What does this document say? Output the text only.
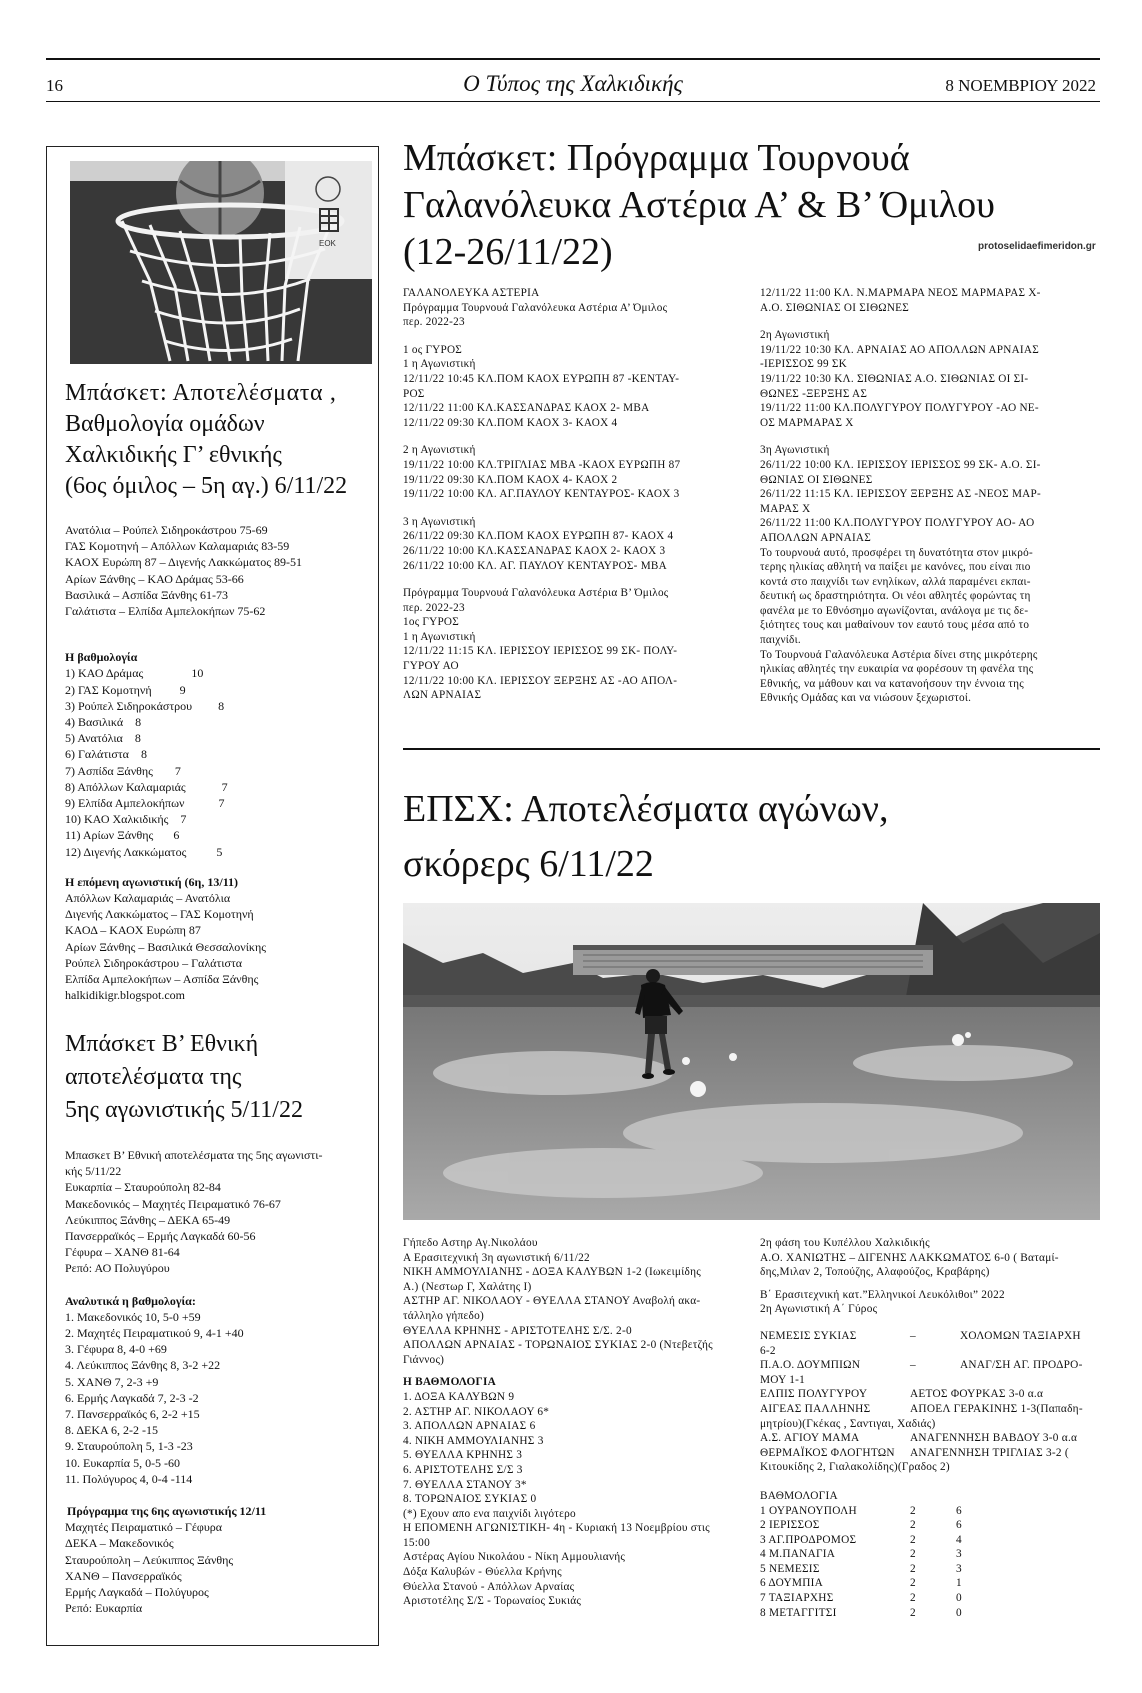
16	Ο Τύπος της Χαλκιδικής	8 ΝΟΕΜΒΡΙΟΥ 2022
ΕΟΚ
Μπάσκετ: Αποτελέσματα ,
Βαθμολογία ομάδων
Χαλκιδικής Γ’ εθνικής
(6ος όμιλος – 5η αγ.) 6/11/22
Ανατόλια – Ρούπελ Σιδηροκάστρου 75-69
ΓΑΣ Κομοτηνή – Απόλλων Καλαμαριάς 83-59
ΚΑΟΧ Ευρώπη 87 – Διγενής Λακκώματος 89-51
Αρίων Ξάνθης – ΚΑΟ Δράμας 53-66
Βασιλικά – Ασπίδα Ξάνθης 61-73
Γαλάτιστα – Ελπίδα Αμπελοκήπων 75-62
Η βαθμολογία
1) ΚΑΟ Δράμας	10
2) ΓΑΣ Κομοτηνή 9
3) Ρούπελ Σιδηροκάστρου 8
4) Βασιλικά 8
5) Ανατόλια 8
6) Γαλάτιστα 8
7) Ασπίδα Ξάνθης 7
8) Απόλλων Καλαμαριάς	7
9) Ελπίδα Αμπελοκήπων	7
10) ΚΑΟ Χαλκιδικής 7
11) Αρίων Ξάνθης 6
12) Διγενής Λακκώματος	5
Η επόμενη αγωνιστική (6η, 13/11)
Απόλλων Καλαμαριάς – Ανατόλια
Διγενής Λακκώματος – ΓΑΣ Κομοτηνή
ΚΑΟΔ – ΚΑΟΧ Ευρώπη 87
Αρίων Ξάνθης – Βασιλικά Θεσσαλονίκης
Ρούπελ Σιδηροκάστρου – Γαλάτιστα
Ελπίδα Αμπελοκήπων – Ασπίδα Ξάνθης
halkidikigr.blogspot.com
Μπάσκετ Β’ Εθνική
αποτελέσματα της
5ης αγωνιστικής 5/11/22
Μπασκετ Β’ Εθνική αποτελέσματα της 5ης αγωνιστι-
κής 5/11/22
Ευκαρπία – Σταυρούπολη 82-84
Μακεδονικός – Μαχητές Πειραματικό 76-67
Λεύκιππος Ξάνθης – ΔΕΚΑ 65-49
Πανσερραϊκός – Ερμής Λαγκαδά 60-56
Γέφυρα – ΧΑΝΘ 81-64
Ρεπό: ΑΟ Πολυγύρου
Αναλυτικά η βαθμολογία:
1. Μακεδονικός 10, 5-0 +59
2. Μαχητές Πειραματικού 9, 4-1 +40
3. Γέφυρα 8, 4-0 +69
4. Λεύκιππος Ξάνθης 8, 3-2 +22
5. ΧΑΝΘ 7, 2-3 +9
6. Ερμής Λαγκαδά 7, 2-3 -2
7. Πανσερραϊκός 6, 2-2 +15
8. ΔΕΚΑ 6, 2-2 -15
9. Σταυρούπολη 5, 1-3 -23
10. Ευκαρπία 5, 0-5 -60
11. Πολύγυρος 4, 0-4 -114
Πρόγραμμα της 6ης αγωνιστικής 12/11
Μαχητές Πειραματικό – Γέφυρα
ΔΕΚΑ – Μακεδονικός
Σταυρούπολη – Λεύκιππος Ξάνθης
ΧΑΝΘ – Πανσερραϊκός
Ερμής Λαγκαδά – Πολύγυρος
Ρεπό: Ευκαρπία
Μπάσκετ: Πρόγραμμα Τουρνουά
Γαλανόλευκα Αστέρια Α’ & Β’ Όμιλου
(12-26/11/22)	protoselidaefimeridon.gr
ΓΑΛΑΝΟΛΕΥΚΑ ΑΣΤΕΡΙΑ
Πρόγραμμα Τουρνουά Γαλανόλευκα Αστέρια Α’ Όμιλος
περ. 2022-23
1 ος ΓΥΡΟΣ
1 η Αγωνιστική
12/11/22 10:45 ΚΛ.ΠΟΜ ΚΑΟΧ ΕΥΡΩΠΗ 87 -ΚΕΝΤΑΥ-
ΡΟΣ
12/11/22 11:00 ΚΛ.ΚΑΣΣΑΝΔΡΑΣ ΚΑΟΧ 2- ΜΒΑ
12/11/22 09:30 ΚΛ.ΠΟΜ ΚΑΟΧ 3- ΚΑΟΧ 4
2 η Αγωνιστική
19/11/22 10:00 ΚΛ.ΤΡΙΓΛΙΑΣ ΜΒΑ -ΚΑΟΧ ΕΥΡΩΠΗ 87
19/11/22 09:30 ΚΛ.ΠΟΜ ΚΑΟΧ 4- ΚΑΟΧ 2
19/11/22 10:00 ΚΛ. ΑΓ.ΠΑΥΛΟΥ ΚΕΝΤΑΥΡΟΣ- ΚΑΟΧ 3
3 η Αγωνιστική
26/11/22 09:30 ΚΛ.ΠΟΜ ΚΑΟΧ ΕΥΡΩΠΗ 87- ΚΑΟΧ 4
26/11/22 10:00 ΚΛ.ΚΑΣΣΑΝΔΡΑΣ ΚΑΟΧ 2- ΚΑΟΧ 3
26/11/22 10:00 ΚΛ. ΑΓ. ΠΑΥΛΟΥ ΚΕΝΤΑΥΡΟΣ- ΜΒΑ
Πρόγραμμα Τουρνουά Γαλανόλευκα Αστέρια Β’ Όμιλος
περ. 2022-23
1ος ΓΥΡΟΣ
1 η Αγωνιστική
12/11/22 11:15 ΚΛ. ΙΕΡΙΣΣΟΥ ΙΕΡΙΣΣΟΣ 99 ΣΚ- ΠΟΛΥ-
ΓΥΡΟΥ ΑΟ
12/11/22 10:00 ΚΛ. ΙΕΡΙΣΣΟΥ ΞΕΡΞΗΣ ΑΣ -ΑΟ ΑΠΟΛ-
ΛΩΝ ΑΡΝΑΙΑΣ
12/11/22 11:00 ΚΛ. Ν.ΜΑΡΜΑΡΑ ΝΕΟΣ ΜΑΡΜΑΡΑΣ Χ-
Α.Ο. ΣΙΘΩΝΙΑΣ ΟΙ ΣΙΘΩΝΕΣ
2η Αγωνιστική
19/11/22 10:30 ΚΛ. ΑΡΝΑΙΑΣ ΑΟ ΑΠΟΛΛΩΝ ΑΡΝΑΙΑΣ
-ΙΕΡΙΣΣΟΣ 99 ΣΚ
19/11/22 10:30 ΚΛ. ΣΙΘΩΝΙΑΣ Α.Ο. ΣΙΘΩΝΙΑΣ ΟΙ ΣΙ-
ΘΩΝΕΣ -ΞΕΡΞΗΣ ΑΣ
19/11/22 11:00 ΚΛ.ΠΟΛΥΓΥΡΟΥ ΠΟΛΥΓΥΡΟΥ -ΑΟ ΝΕ-
ΟΣ ΜΑΡΜΑΡΑΣ Χ
3η Αγωνιστική
26/11/22 10:00 ΚΛ. ΙΕΡΙΣΣΟΥ ΙΕΡΙΣΣΟΣ 99 ΣΚ- Α.Ο. ΣΙ-
ΘΩΝΙΑΣ ΟΙ ΣΙΘΩΝΕΣ
26/11/22 11:15 ΚΛ. ΙΕΡΙΣΣΟΥ ΞΕΡΞΗΣ ΑΣ -ΝΕΟΣ ΜΑΡ-
ΜΑΡΑΣ Χ
26/11/22 11:00 ΚΛ.ΠΟΛΥΓΥΡΟΥ ΠΟΛΥΓΥΡΟΥ ΑΟ- ΑΟ
ΑΠΟΛΛΩΝ ΑΡΝΑΙΑΣ
Το τουρνουά αυτό, προσφέρει τη δυνατότητα στον μικρό-
τερης ηλικίας αθλητή να παίξει με κανόνες, που είναι πιο
κοντά στο παιχνίδι των ενηλίκων, αλλά παραμένει εκπαι-
δευτική ως δραστηριότητα. Οι νέοι αθλητές φορώντας τη
φανέλα με το Εθνόσημο αγωνίζονται, ανάλογα με τις δε-
ξιότητες τους και μαθαίνουν τον εαυτό τους μέσα από το
παιχνίδι.
Το Τουρνουά Γαλανόλευκα Αστέρια δίνει στης μικρότερης
ηλικίας αθλητές την ευκαιρία να φορέσουν τη φανέλα της
Εθνικής, να μάθουν και να κατανοήσουν την έννοια της
Εθνικής Ομάδας και να νιώσουν ξεχωριστοί.
ΕΠΣΧ: Αποτελέσματα αγώνων,
σκόρερς 6/11/22
Γήπεδο Αστηρ Αγ.Νικολάου
Α Ερασιτεχνική 3η αγωνιστική 6/11/22
ΝΙΚΗ ΑΜΜΟΥΛΙΑΝΗΣ - ΔΟΞΑ ΚΑΛΥΒΩΝ 1-2 (Ιωκειμίδης
Α.) (Νεστωρ Γ, Χαλάτης Ι)
ΑΣΤΗΡ ΑΓ. ΝΙΚΟΛΑΟΥ - ΘΥΕΛΛΑ ΣΤΑΝΟΥ Αναβολή ακα-
τάλληλο γήπεδο)
ΘΥΕΛΛΑ ΚΡΗΝΗΣ - ΑΡΙΣΤΟΤΕΛΗΣ Σ/Σ. 2-0
ΑΠΟΛΛΩΝ ΑΡΝΑΙΑΣ - ΤΟΡΩΝΑΙΟΣ ΣΥΚΙΑΣ 2-0 (Ντεβετζής
Γιάννος)
Η ΒΑΘΜΟΛΟΓΙΑ
1. ΔΟΞΑ ΚΑΛΥΒΩΝ 9
2. ΑΣΤΗΡ ΑΓ. ΝΙΚΟΛΑΟΥ 6*
3. ΑΠΟΛΛΩΝ ΑΡΝΑΙΑΣ 6
4. ΝΙΚΗ ΑΜΜΟΥΛΙΑΝΗΣ 3
5. ΘΥΕΛΛΑ ΚΡΗΝΗΣ 3
6. ΑΡΙΣΤΟΤΕΛΗΣ Σ/Σ 3
7. ΘΥΕΛΛΑ ΣΤΑΝΟΥ 3*
8. ΤΟΡΩΝΑΙΟΣ ΣΥΚΙΑΣ 0
(*) Εχουν απο ενα παιχνίδι λιγότερο
Η ΕΠΟΜΕΝΗ ΑΓΩΝΙΣΤΙΚΗ- 4η - Κυριακή 13 Νοεμβρίου στις
15:00
Αστέρας Αγίου Νικολάου - Νίκη Αμμουλιανής
Δόξα Καλυβών - Θύελλα Κρήνης
Θύελλα Στανού - Απόλλων Αρναίας
Αριστοτέλης Σ/Σ - Τορωναίος Συκιάς
2η φάση του Κυπέλλου Χαλκιδικής
Α.Ο. ΧΑΝΙΩΤΗΣ – ΔΙΓΕΝΗΣ ΛΑΚΚΩΜΑΤΟΣ 6-0 ( Βαταμί-
δης,Μιλαν 2, Τοπούζης, Αλαφούζος, Κραβάρης)
Β΄ Ερασιτεχνική κατ.”Ελληνικοί Λευκόλιθοι” 2022
2η Αγωνιστική Α΄ Γύρος
ΝΕΜΕΣΙΣ ΣΥΚΙΑΣ	–	ΧΟΛΟΜΩΝ ΤΑΞΙΑΡΧΗ
6-2
Π.Α.Ο. ΔΟΥΜΠΙΩΝ	–	ΑΝΑΓ/ΣΗ ΑΓ. ΠΡΟΔΡΟ-
ΜΟΥ 1-1
ΕΛΠΙΣ ΠΟΛΥΓΥΡΟΥ	ΑΕΤΟΣ ΦΟΥΡΚΑΣ 3-0 α.α
ΑΙΓΕΑΣ ΠΑΛΛΗΝΗΣ	ΑΠΟΕΛ ΓΕΡΑΚΙΝΗΣ 1-3(Παπαδη-
μητρίου)(Γκέκας , Σαντιγαι, Χαδιάς)
Α.Σ. ΑΓΙΟΥ ΜΑΜΑ	ΑΝΑΓΕΝΝΗΣΗ ΒΑΒΔΟΥ 3-0 α.α
ΘΕΡΜΑΪΚΟΣ ΦΛΟΓΗΤΩΝ	ΑΝΑΓΕΝΝΗΣΗ ΤΡΙΓΛΙΑΣ 3-2 (
Κιτουκίδης 2, Γιαλακολίδης)(Γραδος 2)
ΒΑΘΜΟΛΟΓΙΑ
1 ΟΥΡΑΝΟΥΠΟΛΗ	2	6
2 ΙΕΡΙΣΣΟΣ	2	6
3 ΑΓ.ΠΡΟΔΡΟΜΟΣ	2	4
4 Μ.ΠΑΝΑΓΙΑ	2	3
5 ΝΕΜΕΣΙΣ	2	3
6 ΔΟΥΜΠΙΑ	2	1
7 ΤΑΞΙΑΡΧΗΣ	2	0
8 ΜΕΤΑΓΓΙΤΣΙ	2	0
